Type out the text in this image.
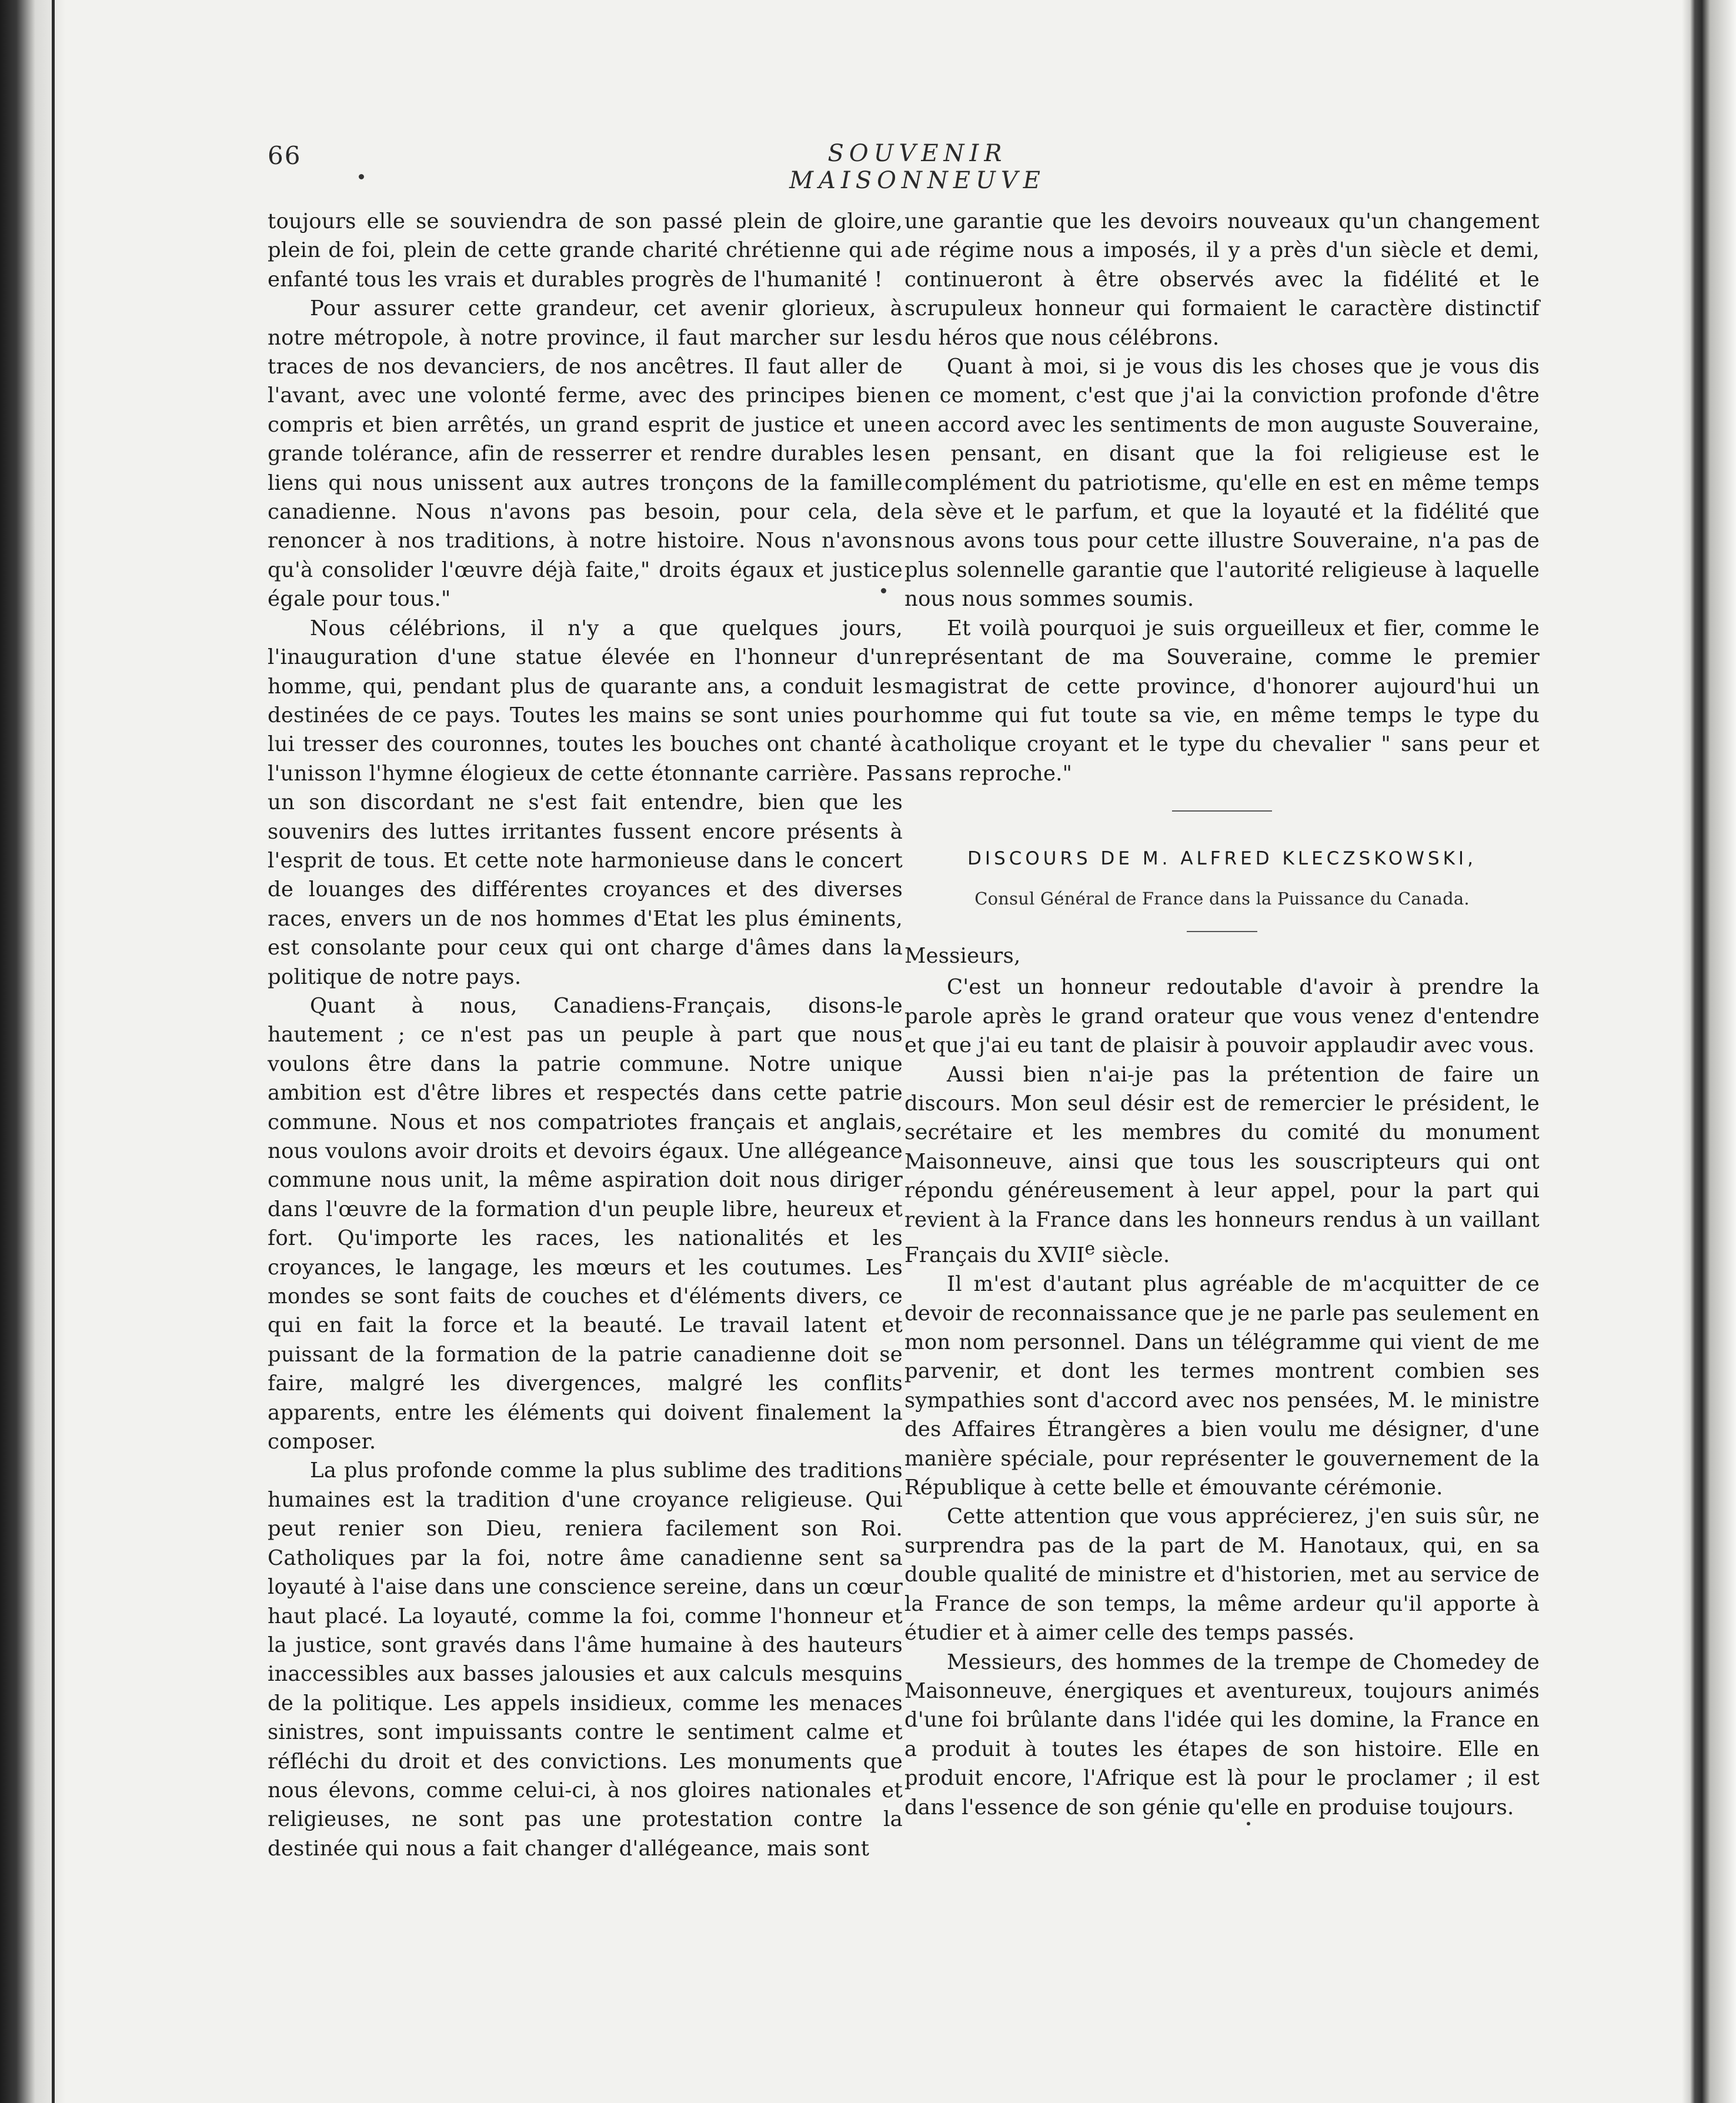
66	SOUVENIR MAISONNEUVE

toujours elle se souviendra de son passé plein de gloire, plein de foi, plein de cette grande charité chrétienne qui a enfanté tous les vrais et durables progrès de l'humanité !

Pour assurer cette grandeur, cet avenir glorieux, à notre métropole, à notre province, il faut marcher sur les traces de nos devanciers, de nos ancêtres. Il faut aller de l'avant, avec une volonté ferme, avec des principes bien compris et bien arrêtés, un grand esprit de justice et une grande tolérance, afin de resserrer et rendre durables les liens qui nous unissent aux autres tronçons de la famille canadienne. Nous n'avons pas besoin, pour cela, de renoncer à nos traditions, à notre histoire. Nous n'avons qu'à consolider l'œuvre déjà faite," droits égaux et justice égale pour tous."

Nous célébrions, il n'y a que quelques jours, l'inauguration d'une statue élevée en l'honneur d'un homme, qui, pendant plus de quarante ans, a conduit les destinées de ce pays. Toutes les mains se sont unies pour lui tresser des couronnes, toutes les bouches ont chanté à l'unisson l'hymne élogieux de cette étonnante carrière. Pas un son discordant ne s'est fait entendre, bien que les souvenirs des luttes irritantes fussent encore présents à l'esprit de tous. Et cette note harmonieuse dans le concert de louanges des différentes croyances et des diverses races, envers un de nos hommes d'Etat les plus éminents, est consolante pour ceux qui ont charge d'âmes dans la politique de notre pays.

Quant à nous, Canadiens-Français, disons-le hautement ; ce n'est pas un peuple à part que nous voulons être dans la patrie commune. Notre unique ambition est d'être libres et respectés dans cette patrie commune. Nous et nos compatriotes français et anglais, nous voulons avoir droits et devoirs égaux. Une allégeance commune nous unit, la même aspiration doit nous diriger dans l'œuvre de la formation d'un peuple libre, heureux et fort. Qu'importe les races, les nationalités et les croyances, le langage, les mœurs et les coutumes. Les mondes se sont faits de couches et d'éléments divers, ce qui en fait la force et la beauté. Le travail latent et puissant de la formation de la patrie canadienne doit se faire, malgré les divergences, malgré les conflits apparents, entre les éléments qui doivent finalement la composer.

La plus profonde comme la plus sublime des traditions humaines est la tradition d'une croyance religieuse. Qui peut renier son Dieu, reniera facilement son Roi. Catholiques par la foi, notre âme canadienne sent sa loyauté à l'aise dans une conscience sereine, dans un cœur haut placé. La loyauté, comme la foi, comme l'honneur et la justice, sont gravés dans l'âme humaine à des hauteurs inaccessibles aux basses jalousies et aux calculs mesquins de la politique. Les appels insidieux, comme les menaces sinistres, sont impuissants contre le sentiment calme et réfléchi du droit et des convictions. Les monuments que nous élevons, comme celui-ci, à nos gloires nationales et religieuses, ne sont pas une protestation contre la destinée qui nous a fait changer d'allégeance, mais sont

une garantie que les devoirs nouveaux qu'un changement de régime nous a imposés, il y a près d'un siècle et demi, continueront à être observés avec la fidélité et le scrupuleux honneur qui formaient le caractère distinctif du héros que nous célébrons.

Quant à moi, si je vous dis les choses que je vous dis en ce moment, c'est que j'ai la conviction profonde d'être en accord avec les sentiments de mon auguste Souveraine, en pensant, en disant que la foi religieuse est le complément du patriotisme, qu'elle en est en même temps la sève et le parfum, et que la loyauté et la fidélité que nous avons tous pour cette illustre Souveraine, n'a pas de plus solennelle garantie que l'autorité religieuse à laquelle nous nous sommes soumis.

Et voilà pourquoi je suis orgueilleux et fier, comme le représentant de ma Souveraine, comme le premier magistrat de cette province, d'honorer aujourd'hui un homme qui fut toute sa vie, en même temps le type du catholique croyant et le type du chevalier " sans peur et sans reproche."

DISCOURS DE M. ALFRED KLECZSKOWSKI,
Consul Général de France dans la Puissance du Canada.

Messieurs,

C'est un honneur redoutable d'avoir à prendre la parole après le grand orateur que vous venez d'entendre et que j'ai eu tant de plaisir à pouvoir applaudir avec vous.

Aussi bien n'ai-je pas la prétention de faire un discours. Mon seul désir est de remercier le président, le secrétaire et les membres du comité du monument Maisonneuve, ainsi que tous les souscripteurs qui ont répondu généreusement à leur appel, pour la part qui revient à la France dans les honneurs rendus à un vaillant Français du XVIIe siècle.

Il m'est d'autant plus agréable de m'acquitter de ce devoir de reconnaissance que je ne parle pas seulement en mon nom personnel. Dans un télégramme qui vient de me parvenir, et dont les termes montrent combien ses sympathies sont d'accord avec nos pensées, M. le ministre des Affaires Étrangères a bien voulu me désigner, d'une manière spéciale, pour représenter le gouvernement de la République à cette belle et émouvante cérémonie.

Cette attention que vous apprécierez, j'en suis sûr, ne surprendra pas de la part de M. Hanotaux, qui, en sa double qualité de ministre et d'historien, met au service de la France de son temps, la même ardeur qu'il apporte à étudier et à aimer celle des temps passés.

Messieurs, des hommes de la trempe de Chomedey de Maisonneuve, énergiques et aventureux, toujours animés d'une foi brûlante dans l'idée qui les domine, la France en a produit à toutes les étapes de son histoire. Elle en produit encore, l'Afrique est là pour le proclamer ; il est dans l'essence de son génie qu'elle en produise toujours.
